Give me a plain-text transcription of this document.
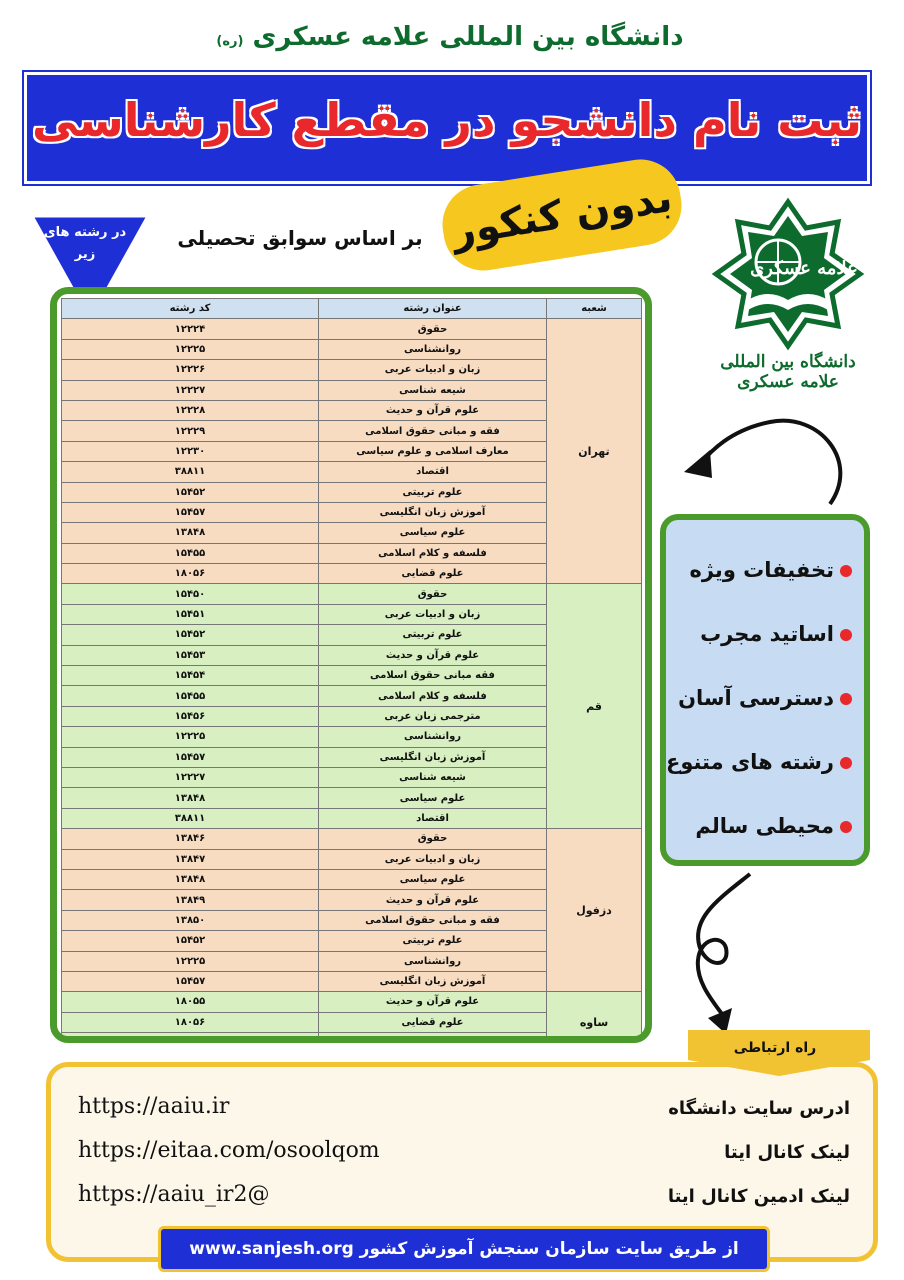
دانشگاه بین المللی علامه عسکری (ره)
ثبت نام دانشجو در مقطع کارشناسی
بدون کنکور
بر اساس سوابق تحصیلی
در رشته های
زیر
علامه عسکری
دانشگاه بین المللی علامه عسکری
شعبه	عنوان رشته	کد رشته
تهران	حقوق	۱۲۲۲۴
	روانشناسی	۱۲۲۲۵
	زبان و ادبیات عربی	۱۲۲۲۶
	شیعه شناسی	۱۲۲۲۷
	علوم قرآن و حدیث	۱۲۲۲۸
	فقه و مبانی حقوق اسلامی	۱۲۲۲۹
	معارف اسلامی و علوم سیاسی	۱۲۲۳۰
	اقتصاد	۳۸۸۱۱
	علوم تربیتی	۱۵۴۵۲
	آموزش زبان انگلیسی	۱۵۴۵۷
	علوم سیاسی	۱۳۸۴۸
	فلسفه و کلام اسلامی	۱۵۴۵۵
	علوم قضایی	۱۸۰۵۶
قم	حقوق	۱۵۴۵۰
	زبان و ادبیات عربی	۱۵۴۵۱
	علوم تربیتی	۱۵۴۵۲
	علوم قرآن و حدیث	۱۵۴۵۳
	فقه مبانی حقوق اسلامی	۱۵۴۵۴
	فلسفه و کلام اسلامی	۱۵۴۵۵
	مترجمی زبان عربی	۱۵۴۵۶
	روانشناسی	۱۲۲۲۵
	آموزش زبان انگلیسی	۱۵۴۵۷
	شیعه شناسی	۱۲۲۲۷
	علوم سیاسی	۱۳۸۴۸
	اقتصاد	۳۸۸۱۱
دزفول	حقوق	۱۳۸۴۶
	زبان و ادبیات عربی	۱۳۸۴۷
	علوم سیاسی	۱۳۸۴۸
	علوم قرآن و حدیث	۱۳۸۴۹
	فقه و مبانی حقوق اسلامی	۱۳۸۵۰
	علوم تربیتی	۱۵۴۵۲
	روانشناسی	۱۲۲۲۵
	آموزش زبان انگلیسی	۱۵۴۵۷
ساوه	علوم قرآن و حدیث	۱۸۰۵۵
	علوم قضایی	۱۸۰۵۶
	فقه و مبانی حقوق اسلامی	۱۸۰۵۷
تخفیفات ویژه
اساتید مجرب
دسترسی آسان
رشته های متنوع
محیطی سالم
راه ارتباطی
https://aaiu.ir	ادرس سایت دانشگاه
https://eitaa.com/osoolqom	لینک کانال ایتا
https://aaiu_ir2@	لینک ادمین کانال ایتا
www.sanjesh.org از طریق سایت سازمان سنجش آموزش کشور
